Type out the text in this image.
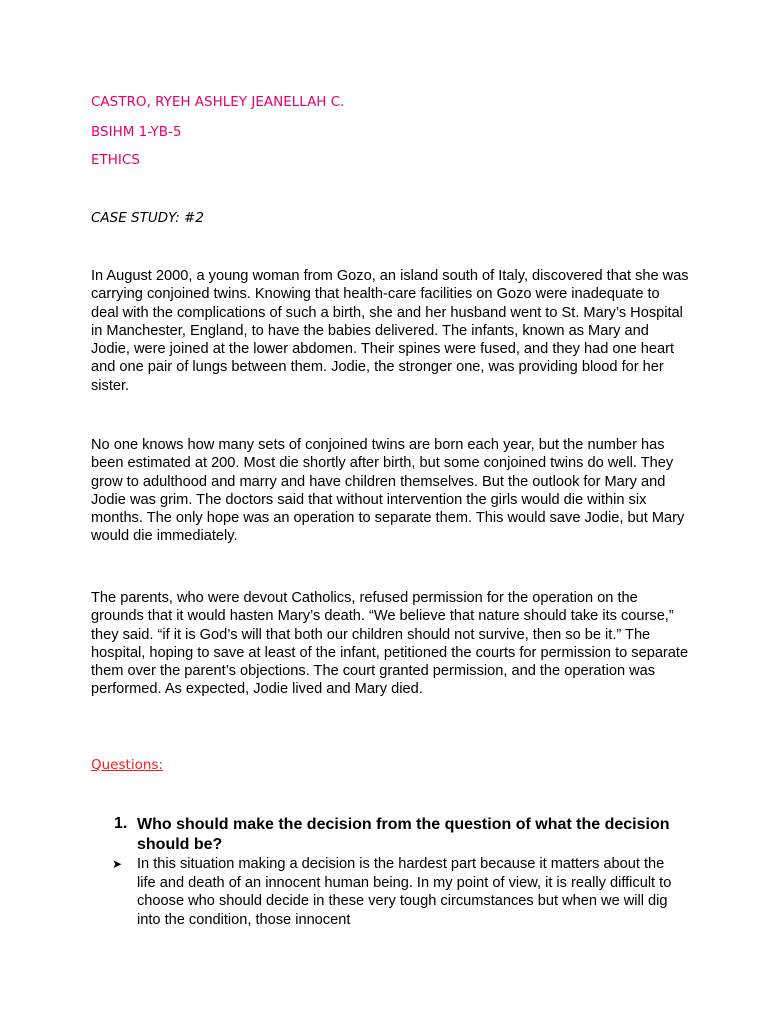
CASTRO, RYEH ASHLEY JEANELLAH C.
BSIHM 1-YB-5
ETHICS
CASE STUDY: #2

In August 2000, a young woman from Gozo, an island south of Italy, discovered that she was carrying conjoined twins. Knowing that health-care facilities on Gozo were inadequate to deal with the complications of such a birth, she and her husband went to St. Mary’s Hospital in Manchester, England, to have the babies delivered. The infants, known as Mary and Jodie, were joined at the lower abdomen. Their spines were fused, and they had one heart and one pair of lungs between them. Jodie, the stronger one, was providing blood for her sister.

No one knows how many sets of conjoined twins are born each year, but the number has been estimated at 200. Most die shortly after birth, but some conjoined twins do well. They grow to adulthood and marry and have children themselves. But the outlook for Mary and Jodie was grim. The doctors said that without intervention the girls would die within six months. The only hope was an operation to separate them. This would save Jodie, but Mary would die immediately.

The parents, who were devout Catholics, refused permission for the operation on the grounds that it would hasten Mary’s death. “We believe that nature should take its course,” they said. “if it is God’s will that both our children should not survive, then so be it.” The hospital, hoping to save at least of the infant, petitioned the courts for permission to separate them over the parent’s objections. The court granted permission, and the operation was performed. As expected, Jodie lived and Mary died.

Questions:
1. Who should make the decision from the question of what the decision should be?

➤ In this situation making a decision is the hardest part because it matters about the life and death of an innocent human being. In my point of view, it is really difficult to choose who should decide in these very tough circumstances but when we will dig into the condition, those innocent
